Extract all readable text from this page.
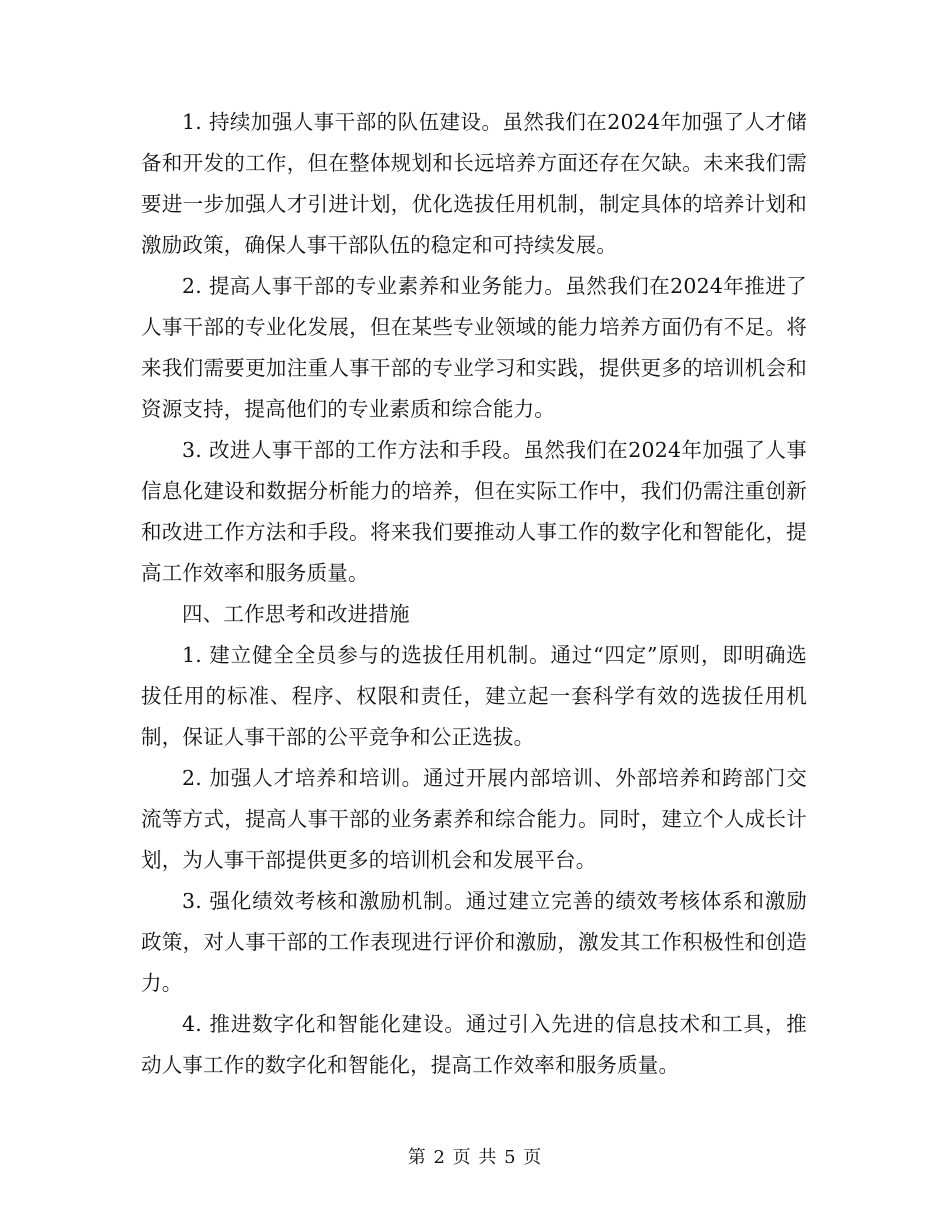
1. 持续加强人事干部的队伍建设。虽然我们在2024年加强了人才储备和开发的工作，但在整体规划和长远培养方面还存在欠缺。未来我们需要进一步加强人才引进计划，优化选拔任用机制，制定具体的培养计划和激励政策，确保人事干部队伍的稳定和可持续发展。

2. 提高人事干部的专业素养和业务能力。虽然我们在2024年推进了人事干部的专业化发展，但在某些专业领域的能力培养方面仍有不足。将来我们需要更加注重人事干部的专业学习和实践，提供更多的培训机会和资源支持，提高他们的专业素质和综合能力。

3. 改进人事干部的工作方法和手段。虽然我们在2024年加强了人事信息化建设和数据分析能力的培养，但在实际工作中，我们仍需注重创新和改进工作方法和手段。将来我们要推动人事工作的数字化和智能化，提高工作效率和服务质量。

四、工作思考和改进措施

1. 建立健全全员参与的选拔任用机制。通过“四定”原则，即明确选拔任用的标准、程序、权限和责任，建立起一套科学有效的选拔任用机制，保证人事干部的公平竞争和公正选拔。

2. 加强人才培养和培训。通过开展内部培训、外部培养和跨部门交流等方式，提高人事干部的业务素养和综合能力。同时，建立个人成长计划，为人事干部提供更多的培训机会和发展平台。

3. 强化绩效考核和激励机制。通过建立完善的绩效考核体系和激励政策，对人事干部的工作表现进行评价和激励，激发其工作积极性和创造力。

4. 推进数字化和智能化建设。通过引入先进的信息技术和工具，推动人事工作的数字化和智能化，提高工作效率和服务质量。

第 2 页 共 5 页
